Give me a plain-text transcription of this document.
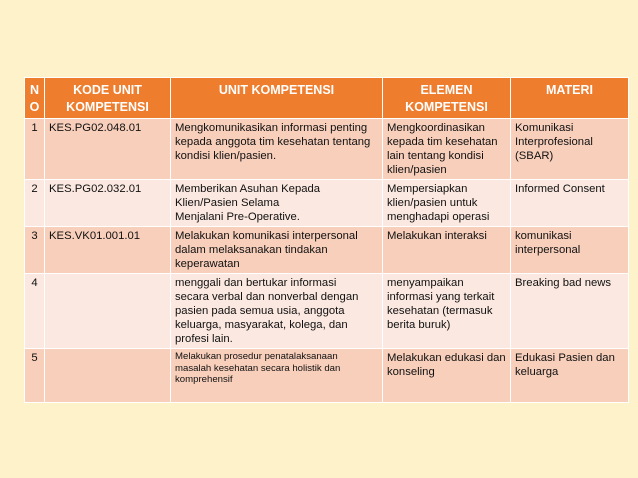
N O	KODE UNIT KOMPETENSI	UNIT KOMPETENSI	ELEMEN KOMPETENSI	MATERI
1	KES.PG02.048.01	Mengkomunikasikan informasi penting kepada anggota tim kesehatan tentang kondisi klien/pasien.	Mengkoordinasikan kepada tim kesehatan lain tentang kondisi klien/pasien	Komunikasi Interprofesional (SBAR)
2	KES.PG02.032.01	Memberikan Asuhan Kepada Klien/Pasien Selama Menjalani Pre-Operative.	Mempersiapkan klien/pasien untuk menghadapi operasi	Informed Consent
3	KES.VK01.001.01	Melakukan komunikasi interpersonal dalam melaksanakan tindakan keperawatan	Melakukan interaksi	komunikasi interpersonal
4		menggali dan bertukar informasi secara verbal dan nonverbal dengan pasien pada semua usia, anggota keluarga, masyarakat, kolega, dan profesi lain.	menyampaikan informasi yang terkait kesehatan (termasuk berita buruk)	Breaking bad news
5		Melakukan prosedur penatalaksanaan masalah kesehatan secara holistik dan komprehensif	Melakukan edukasi dan konseling	Edukasi Pasien dan keluarga
